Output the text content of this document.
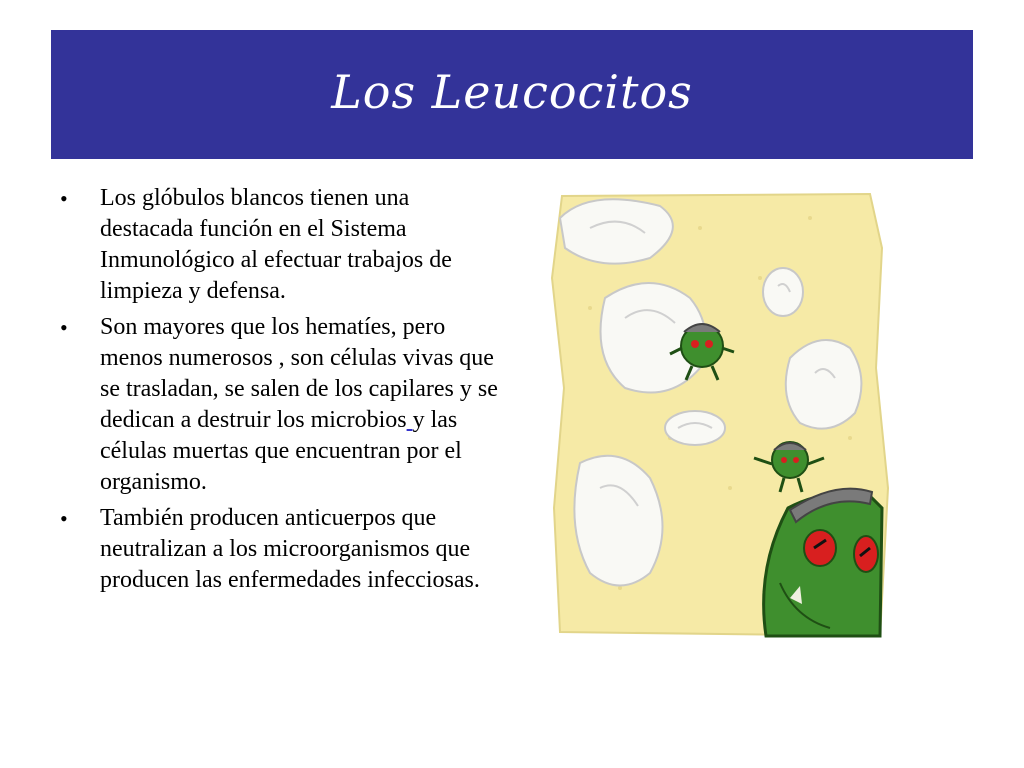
Los Leucocitos
• Los glóbulos blancos tienen una destacada función en el Sistema Inmunológico al efectuar trabajos de limpieza y defensa.
• Son mayores que los hematíes, pero menos numerosos , son células vivas que se trasladan, se salen de los capilares y se dedican a destruir los microbios y las células muertas que encuentran por el organismo.
• También producen anticuerpos que neutralizan a los microorganismos que producen las enfermedades infecciosas.
